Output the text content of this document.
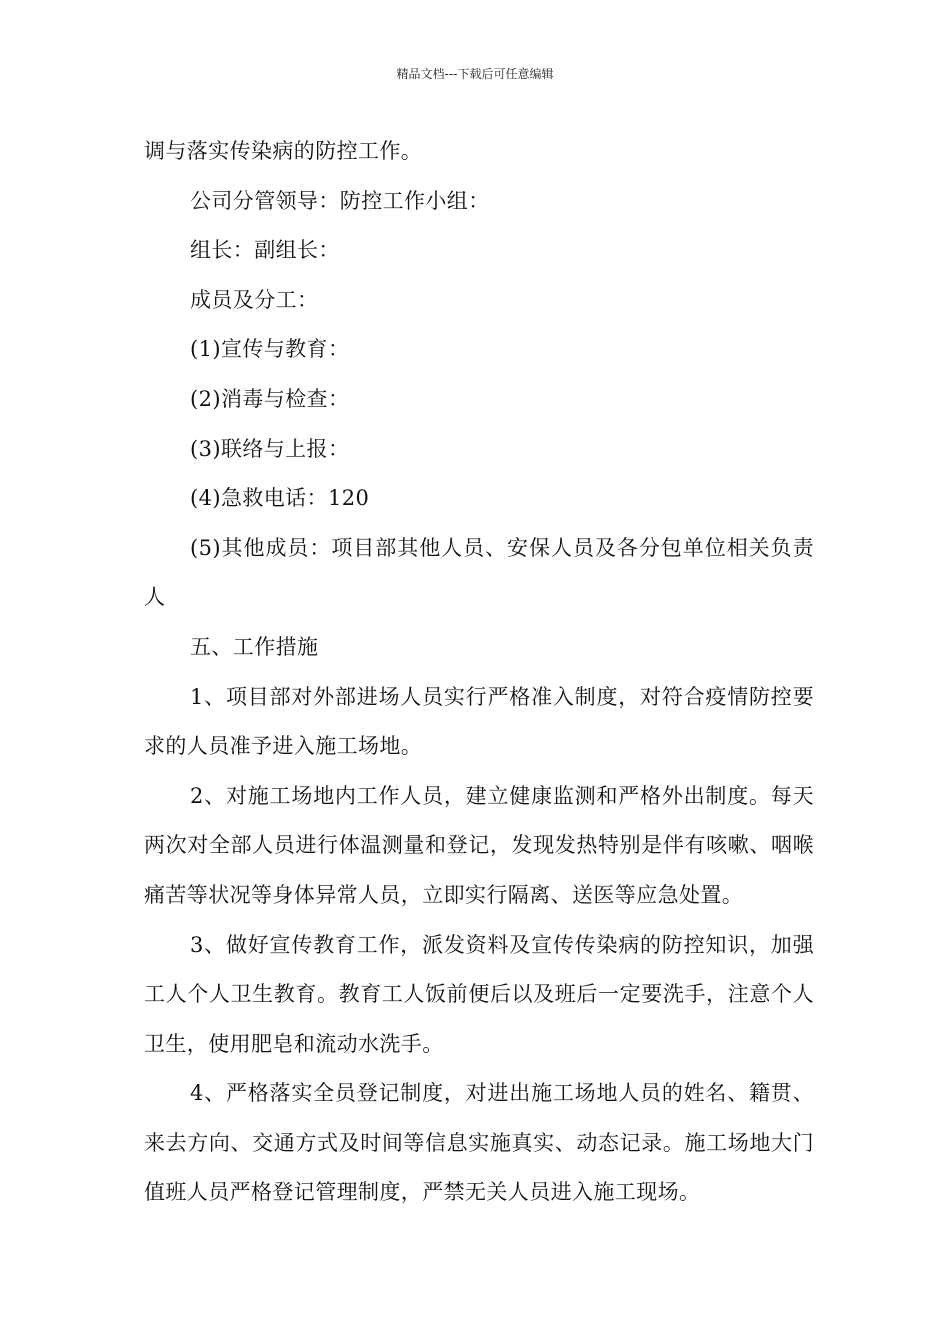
精品文档---下载后可任意编辑

调与落实传染病的防控工作。

公司分管领导：防控工作小组：

组长：副组长：

成员及分工：

(1)宣传与教育：

(2)消毒与检查：

(3)联络与上报：

(4)急救电话：120

(5)其他成员：项目部其他人员、安保人员及各分包单位相关负责人

五、工作措施

1、项目部对外部进场人员实行严格准入制度，对符合疫情防控要求的人员准予进入施工场地。

2、对施工场地内工作人员，建立健康监测和严格外出制度。每天两次对全部人员进行体温测量和登记，发现发热特别是伴有咳嗽、咽喉痛苦等状况等身体异常人员，立即实行隔离、送医等应急处置。

3、做好宣传教育工作，派发资料及宣传传染病的防控知识，加强工人个人卫生教育。教育工人饭前便后以及班后一定要洗手，注意个人卫生，使用肥皂和流动水洗手。

4、严格落实全员登记制度，对进出施工场地人员的姓名、籍贯、来去方向、交通方式及时间等信息实施真实、动态记录。施工场地大门值班人员严格登记管理制度，严禁无关人员进入施工现场。
